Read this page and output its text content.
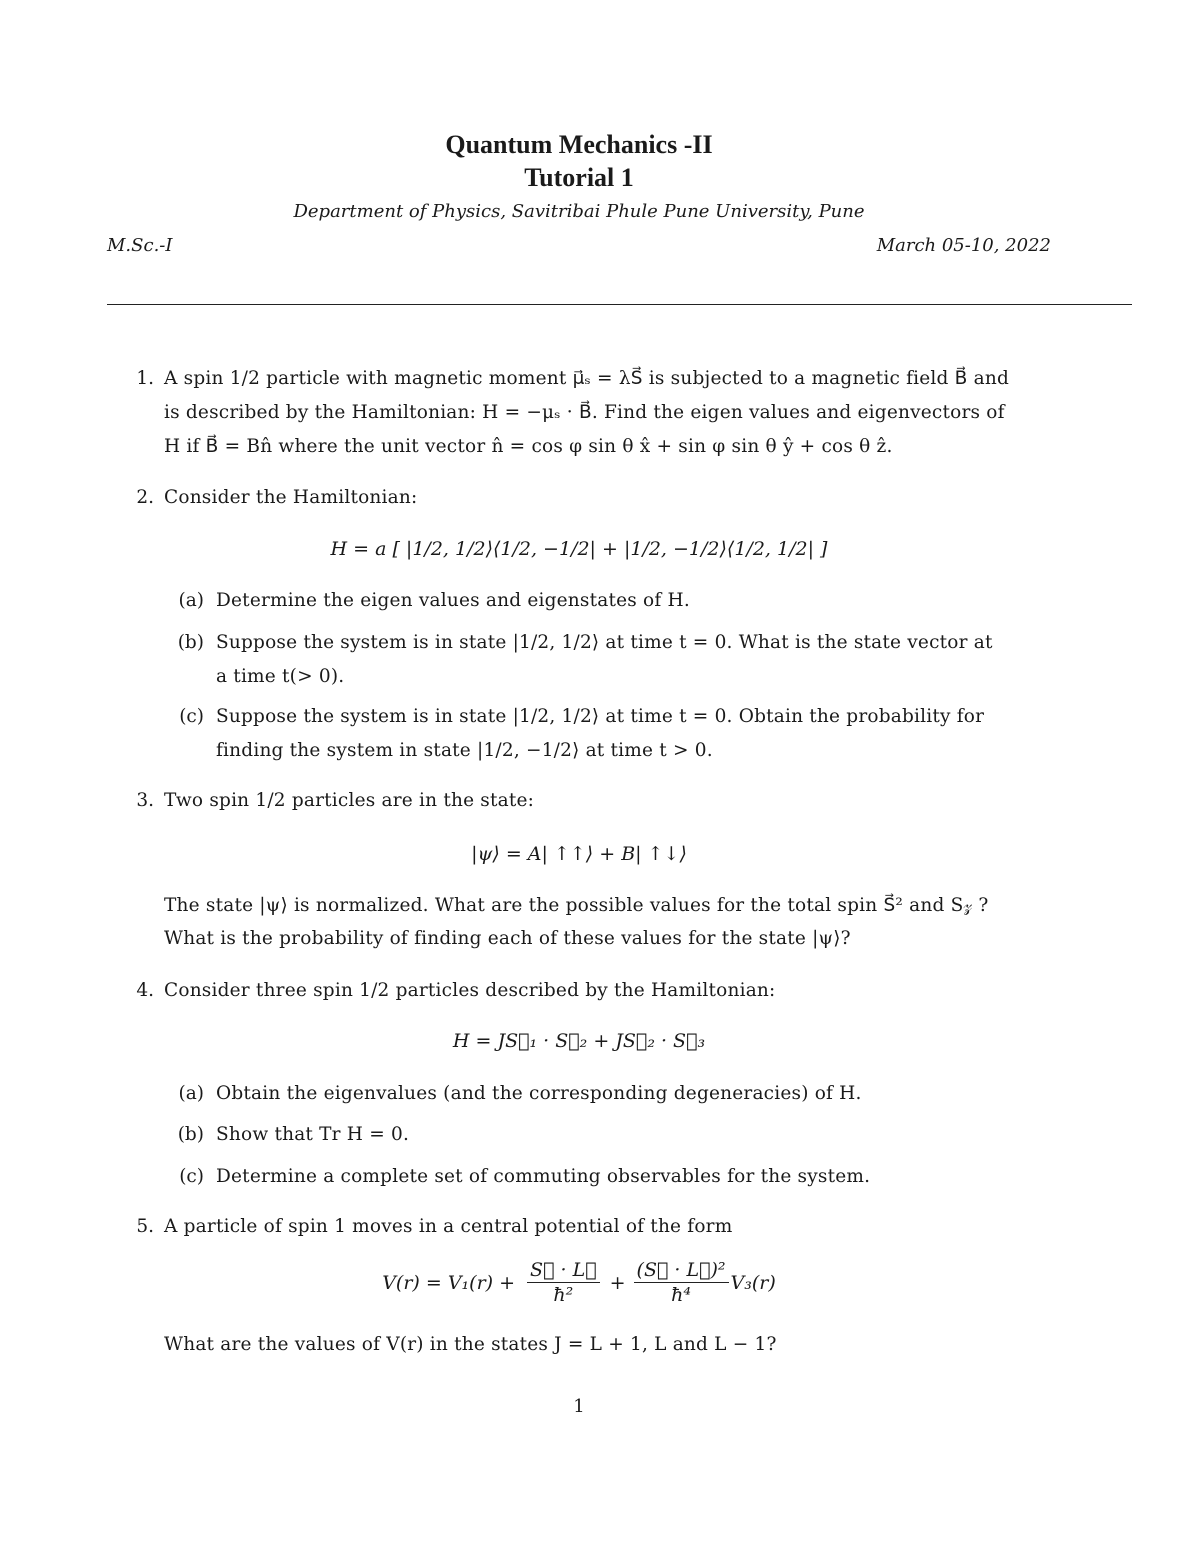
Quantum Mechanics -II
Tutorial 1
Department of Physics, Savitribai Phule Pune University, Pune
M.Sc.-I	March 05-10, 2022
1. A spin 1/2 particle with magnetic moment μ⃗ₛ = λS⃗ is subjected to a magnetic field B⃗ and
is described by the Hamiltonian: H = −μₛ · B⃗. Find the eigen values and eigenvectors of
H if B⃗ = Bn̂ where the unit vector n̂ = cos φ sin θ x̂ + sin φ sin θ ŷ + cos θ ẑ.
2. Consider the Hamiltonian:
H = a [ |1/2, 1/2⟩⟨1/2, −1/2| + |1/2, −1/2⟩⟨1/2, 1/2| ]
(a) Determine the eigen values and eigenstates of H.
(b) Suppose the system is in state |1/2, 1/2⟩ at time t = 0. What is the state vector at
a time t(> 0).
(c) Suppose the system is in state |1/2, 1/2⟩ at time t = 0. Obtain the probability for
finding the system in state |1/2, −1/2⟩ at time t > 0.
3. Two spin 1/2 particles are in the state:
|ψ⟩ = A| ↑↑⟩ + B| ↑↓⟩
The state |ψ⟩ is normalized. What are the possible values for the total spin S⃗² and S𝓏 ?
What is the probability of finding each of these values for the state |ψ⟩?
4. Consider three spin 1/2 particles described by the Hamiltonian:
H = JS⃗₁ · S⃗₂ + JS⃗₂ · S⃗₃
(a) Obtain the eigenvalues (and the corresponding degeneracies) of H.
(b) Show that Tr H = 0.
(c) Determine a complete set of commuting observables for the system.
5. A particle of spin 1 moves in a central potential of the form
$V(r) = V_1(r) + \frac{S⃗ \cdot L⃗}{\text{ħ²}} + \frac{\text{(S⃗ · L⃗)²}}{\text{ħ⁴}} V_3(r)$
What are the values of V(r) in the states J = L + 1, L and L − 1?
1
